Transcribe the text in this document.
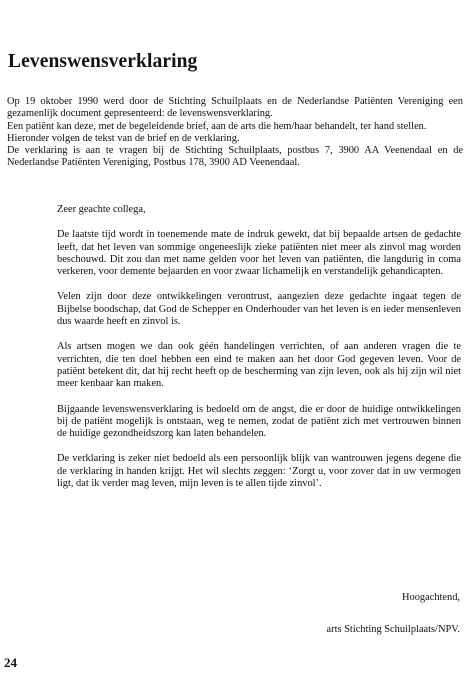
Levenswensverklaring

Op 19 oktober 1990 werd door de Stichting Schuilplaats en de Nederlandse Patiënten Vereniging een gezamenlijk document gepresenteerd: de levenswensverklaring.

Een patiënt kan deze, met de begeleidende brief, aan de arts die hem/haar behandelt, ter hand stellen.

Hieronder volgen de tekst van de brief en de verklaring.

De verklaring is aan te vragen bij de Stichting Schuilplaats, postbus 7, 3900 AA Veenendaal en de Nederlandse Patiënten Vereniging, Postbus 178, 3900 AD Veenendaal.

Zeer geachte collega,

De laatste tijd wordt in toenemende mate de indruk gewekt, dat bij bepaalde artsen de gedachte leeft, dat het leven van sommige ongeneeslijk zieke patiënten niet meer als zinvol mag worden beschouwd. Dit zou dan met name gelden voor het leven van patiënten, die langdurig in coma verkeren, voor demente bejaarden en voor zwaar lichamelijk en verstandelijk gehandicapten.

Velen zijn door deze ontwikkelingen verontrust, aangezien deze gedachte ingaat tegen de Bijbelse boodschap, dat God de Schepper en Onderhouder van het leven is en ieder mensenleven dus waarde heeft en zinvol is.

Als artsen mogen we dan ook géén handelingen verrichten, of aan anderen vragen die te verrichten, die ten doel hebben een eind te maken aan het door God gegeven leven. Voor de patiënt betekent dit, dat hij recht heeft op de bescherming van zijn leven, ook als hij zijn wil niet meer kenbaar kan maken.

Bijgaande levenswensverklaring is bedoeld om de angst, die er door de huidige ontwikkelingen bij de patiënt mogelijk is ontstaan, weg te nemen, zodat de patiënt zich met vertrouwen binnen de huidige gezondheidszorg kan laten behandelen.

De verklaring is zeker niet bedoeld als een persoonlijk blijk van wantrouwen jegens degene die de verklaring in handen krijgt. Het wil slechts zeggen: ‘Zorgt u, voor zover dat in uw vermogen ligt, dat ik verder mag leven, mijn leven is te allen tijde zinvol’.

Hoogachtend,

arts Stichting Schuilplaats/NPV.

24
